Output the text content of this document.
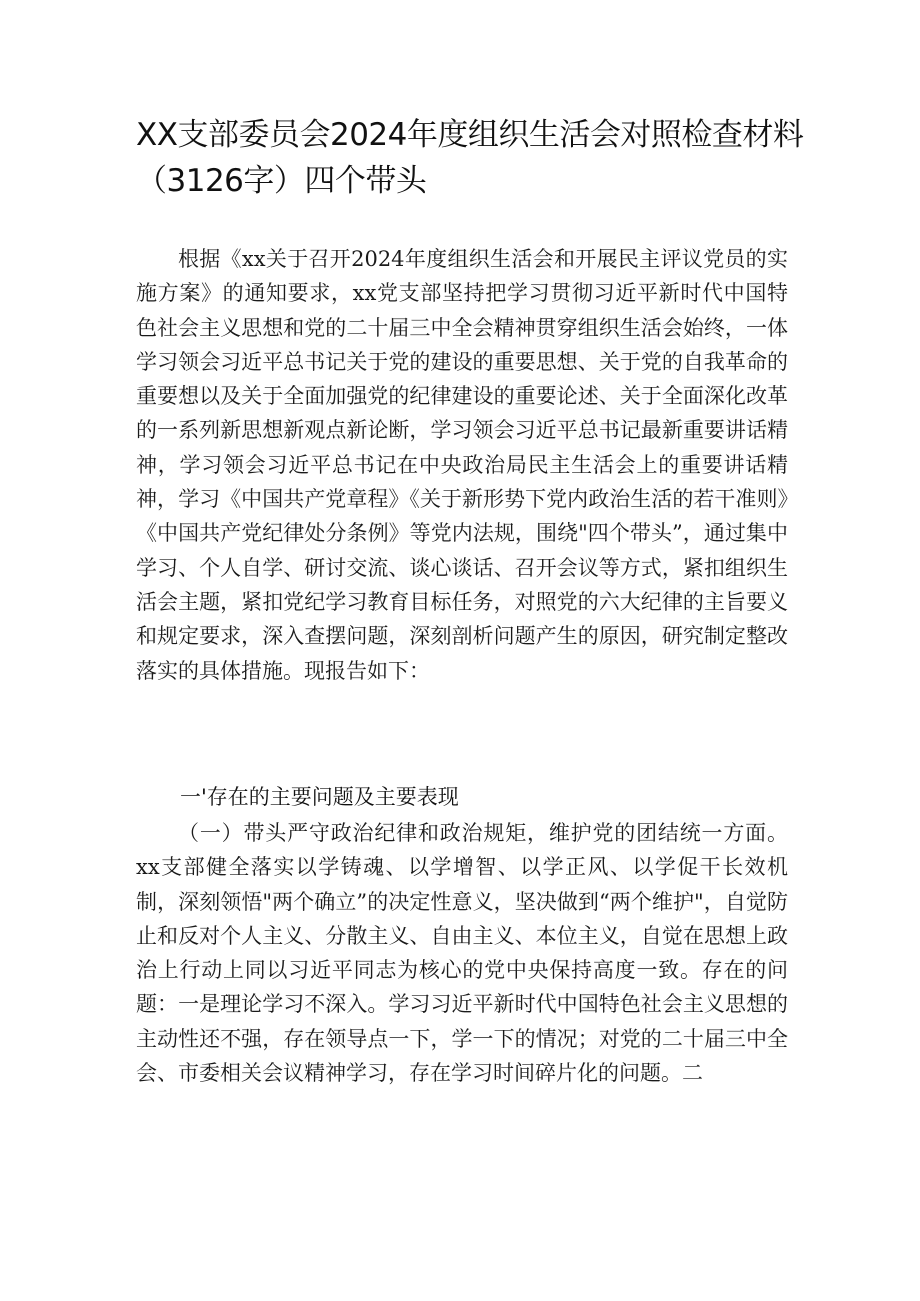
XX支部委员会2024年度组织生活会对照检查材料（3126字）四个带头

根据《xx关于召开2024年度组织生活会和开展民主评议党员的实施方案》的通知要求，xx党支部坚持把学习贯彻习近平新时代中国特色社会主义思想和党的二十届三中全会精神贯穿组织生活会始终，一体学习领会习近平总书记关于党的建设的重要思想、关于党的自我革命的重要想以及关于全面加强党的纪律建设的重要论述、关于全面深化改革的一系列新思想新观点新论断，学习领会习近平总书记最新重要讲话精神，学习领会习近平总书记在中央政治局民主生活会上的重要讲话精神，学习《中国共产党章程》《关于新形势下党内政治生活的若干准则》《中国共产党纪律处分条例》等党内法规，围绕"四个带头”，通过集中学习、个人自学、研讨交流、谈心谈话、召开会议等方式，紧扣组织生活会主题，紧扣党纪学习教育目标任务，对照党的六大纪律的主旨要义和规定要求，深入查摆问题，深刻剖析问题产生的原因，研究制定整改落实的具体措施。现报告如下：

一'存在的主要问题及主要表现

（一）带头严守政治纪律和政治规矩，维护党的团结统一方面。xx支部健全落实以学铸魂、以学增智、以学正风、以学促干长效机制，深刻领悟"两个确立”的决定性意义，坚决做到“两个维护"，自觉防止和反对个人主义、分散主义、自由主义、本位主义，自觉在思想上政治上行动上同以习近平同志为核心的党中央保持高度一致。存在的问题：一是理论学习不深入。学习习近平新时代中国特色社会主义思想的主动性还不强，存在领导点一下，学一下的情况；对党的二十届三中全会、市委相关会议精神学习，存在学习时间碎片化的问题。二
